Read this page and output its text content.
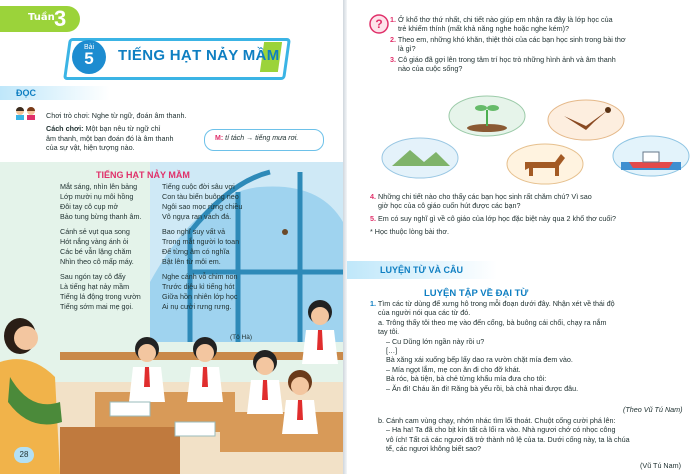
Tuần 3
Bài
5	TIẾNG HẠT NẢY MẦM
ĐỌC
Chơi trò chơi: Nghe từ ngữ, đoán âm thanh.
Cách chơi: Một bạn nêu từ ngữ chỉ
âm thanh, một bạn đoán đó là âm thanh
của sự vật, hiện tượng nào.
M: tí tách → tiếng mưa rơi.
TIẾNG HẠT NẢY MẦM
Mắt sáng, nhìn lên bảng
Lớp mười nụ môi hồng
Đôi tay cô cụp mở
Bảo tung bừng thanh âm.
Cánh sẻ vụt qua song
Hót nắng vàng ánh ỏi
Các bé vẫn lặng chăm
Nhìn theo cô mấp máy.
Sau ngón tay cô đấy
Là tiếng hạt nảy mầm
Tiếng lá động trong vườn
Tiếng sớm mai mẹ gọi.
Tiếng cuộc đời sâu vợi
Con tàu biển buông neo
Ngôi sao mọc rừng chiều
Vô ngựa ran vách đá.
Bao nghĩ suy vất vả
Trong mắt người lo toan
Để từng âm có nghĩa
Bật lên từ môi em.
Nghe cánh vỗ chim non
Trước diệu kì tiếng hót
Giữa hồn nhiên lớp học
Ai nụ cười rưng rưng.
(Tô Hà)
28
? 1. Ở khổ thơ thứ nhất, chi tiết nào giúp em nhận ra đây là lớp học của
trẻ khiếm thính (mất khả năng nghe hoặc nghe kém)?
2. Theo em, những khó khăn, thiệt thòi của các bạn học sinh trong bài thơ
là gì?
3. Cô giáo đã gợi lên trong tâm trí học trò những hình ảnh và âm thanh
nào của cuộc sống?
4. Những chi tiết nào cho thấy các bạn học sinh rất chăm chú? Vì sao
giờ học của cô giáo cuốn hút được các bạn?
5. Em có suy nghĩ gì về cô giáo của lớp học đặc biệt này qua 2 khổ thơ cuối?
* Học thuộc lòng bài thơ.
LUYỆN TỪ VÀ CÂU
LUYỆN TẬP VỀ ĐẠI TỪ
1. Tìm các từ dùng để xưng hô trong mỗi đoạn dưới đây. Nhận xét về thái độ
của người nói qua các từ đó.
a. Trông thấy tôi theo mẹ vào đến cổng, bà buông cái chổi, chạy ra nắm
tay tôi.
– Cu Dũng lớn ngần này rồi u?
[…]
Bà xăng xái xuống bếp lấy dao ra vườn chặt mía đem vào.
– Mía ngọt lắm, mẹ con ăn đi cho đỡ khát.
Bà róc, bà tiện, bà chẻ từng khẩu mía đưa cho tôi:
– Ăn đi! Cháu ăn đi! Răng bà yếu rồi, bà chả nhai được đâu.
(Theo Vũ Tú Nam)
b. Cánh cam vùng chạy, nhớn nhác tìm lối thoát. Chuột cống cười phá lên:
– Ha ha! Ta đã cho bịt kín tất cả lối ra vào. Nhà ngươi chớ có nhọc công
vô ích! Tất cả các ngươi đã trở thành nô lệ của ta. Dưới cống này, ta là chúa
tể, các ngươi không biết sao?
(Vũ Tú Nam)
